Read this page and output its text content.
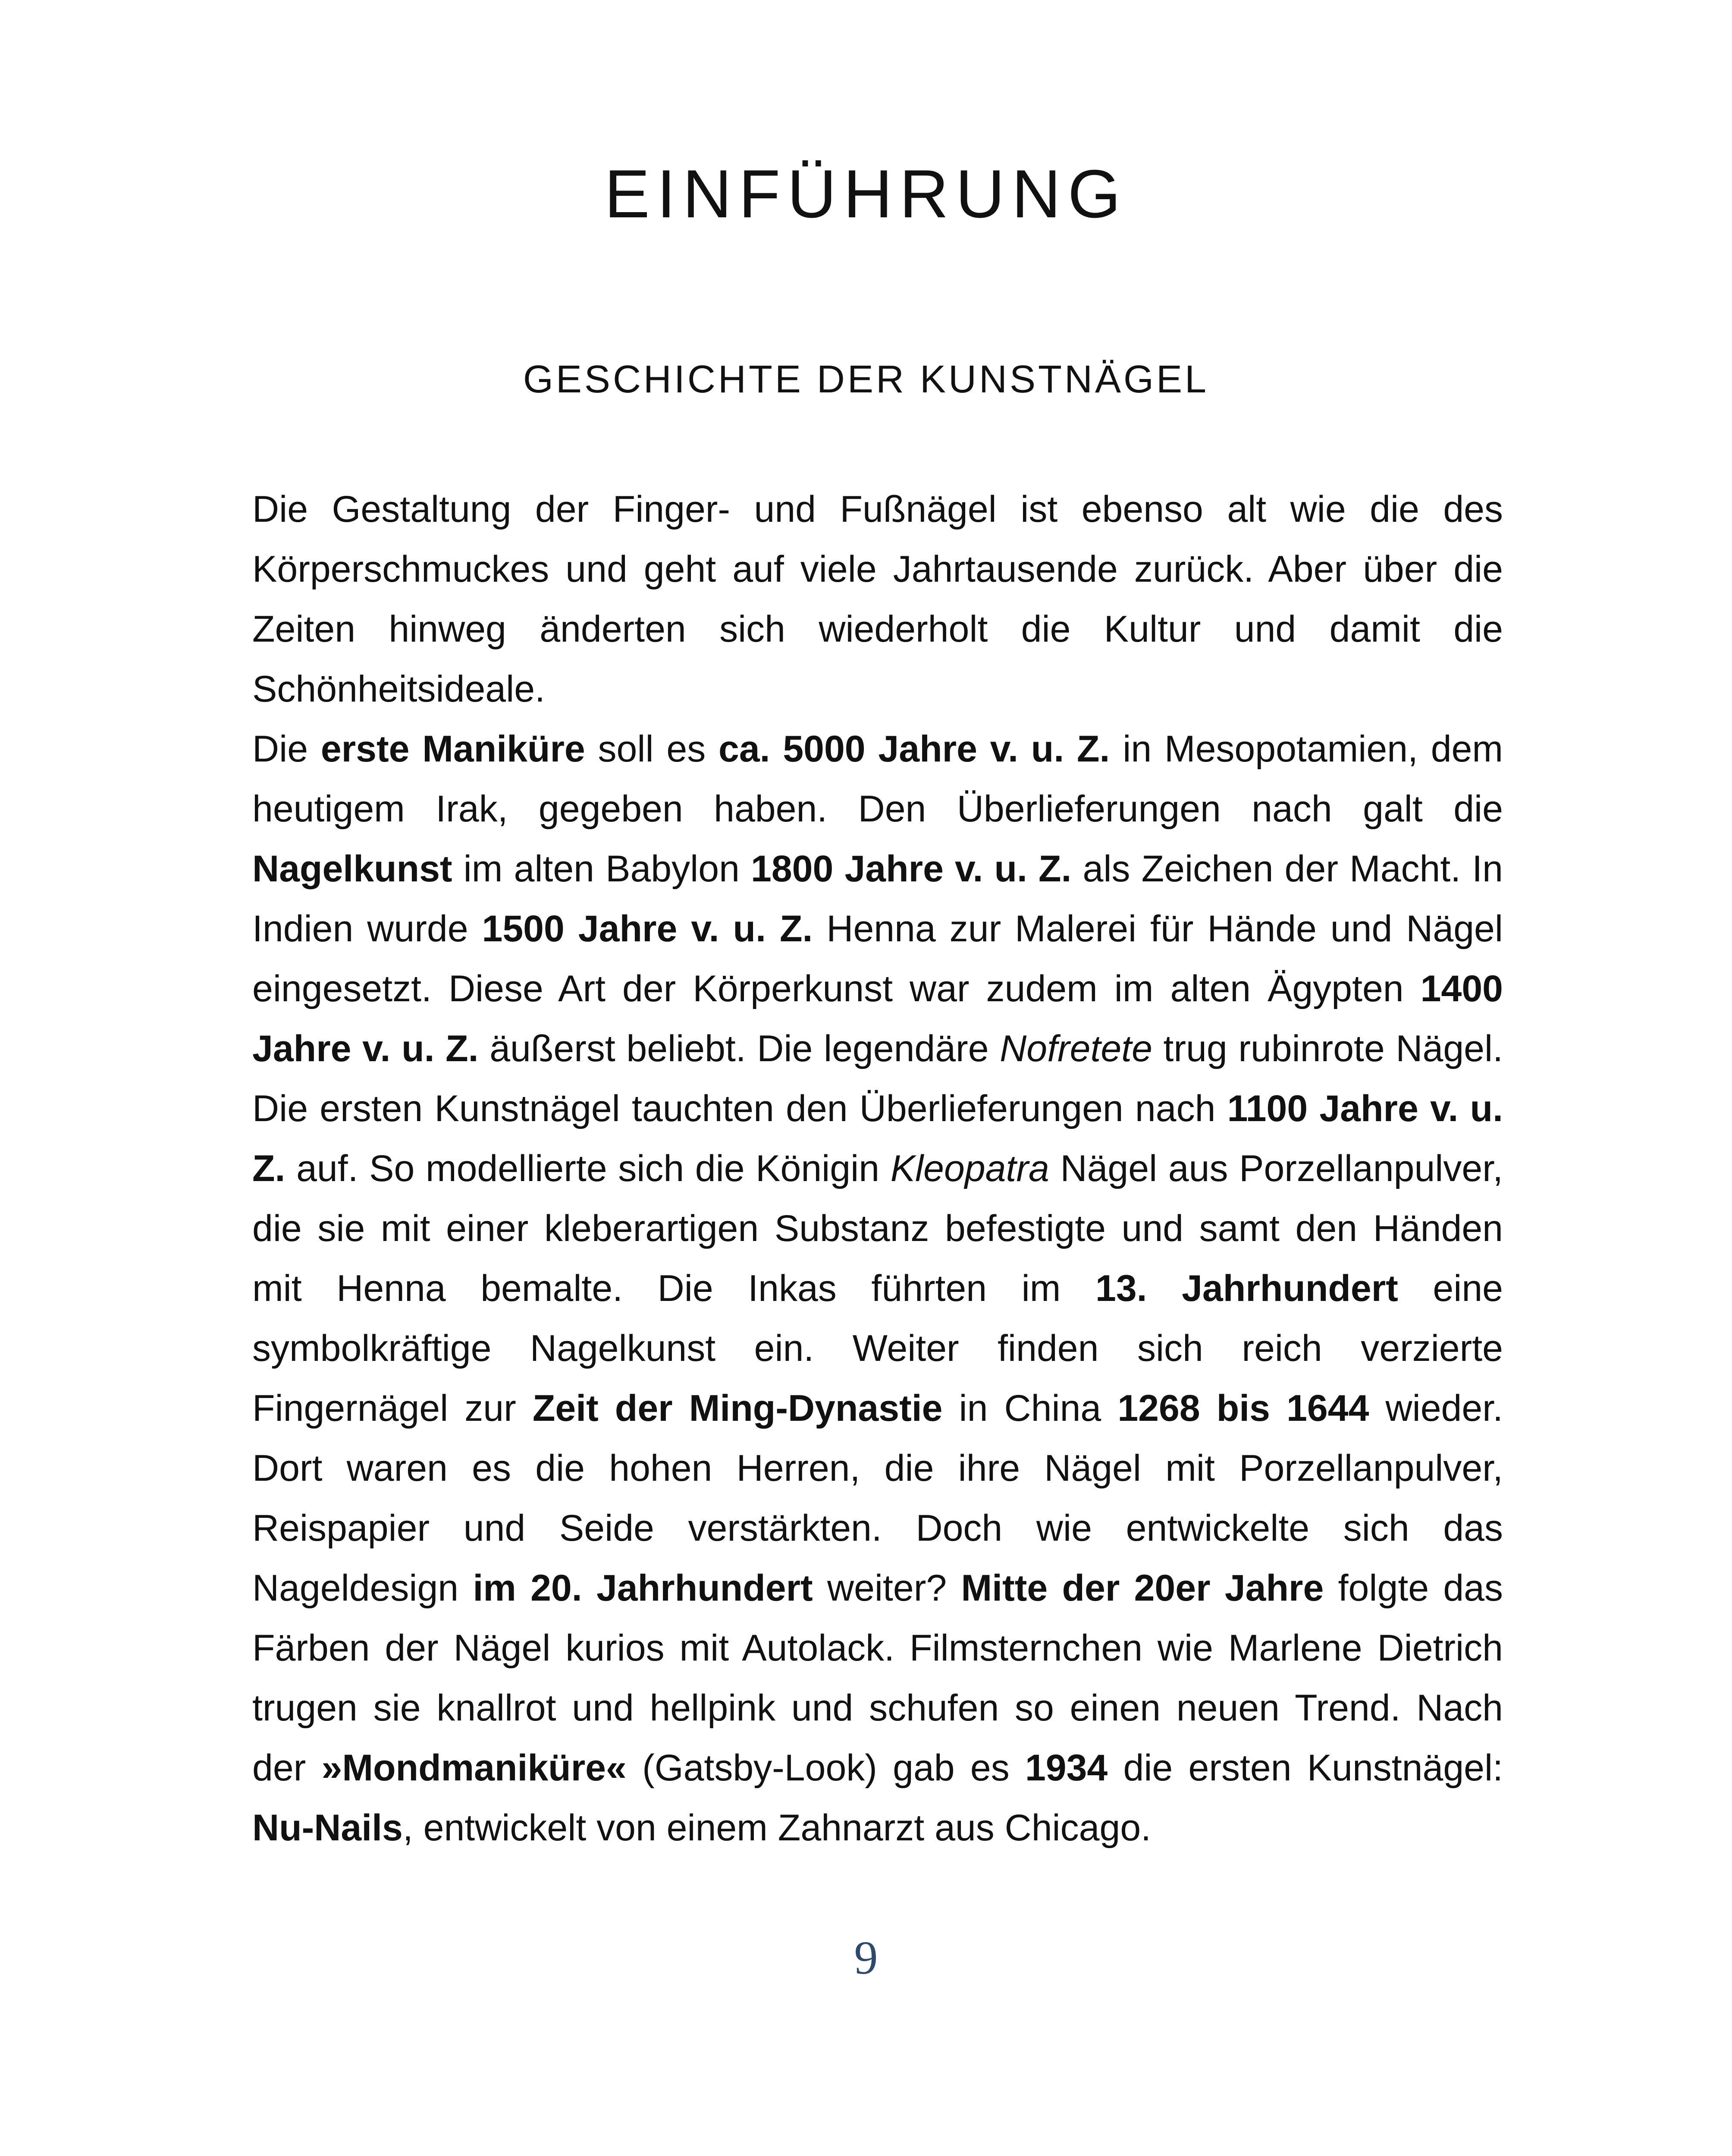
EINFÜHRUNG
GESCHICHTE DER KUNSTNÄGEL

Die Gestaltung der Finger- und Fußnägel ist ebenso alt wie die des Körperschmuckes und geht auf viele Jahrtausende zurück. Aber über die Zeiten hinweg änderten sich wiederholt die Kultur und damit die Schönheitsideale.

Die erste Maniküre soll es ca. 5000 Jahre v. u. Z. in Mesopotamien, dem heutigem Irak, gegeben haben. Den Überlieferungen nach galt die Nagelkunst im alten Babylon 1800 Jahre v. u. Z. als Zeichen der Macht. In Indien wurde 1500 Jahre v. u. Z. Henna zur Malerei für Hände und Nägel eingesetzt. Diese Art der Körperkunst war zudem im alten Ägypten 1400 Jahre v. u. Z. äußerst beliebt. Die legendäre Nofretete trug rubinrote Nägel. Die ersten Kunstnägel tauchten den Überlieferungen nach 1100 Jahre v. u. Z. auf. So modellierte sich die Königin Kleopatra Nägel aus Porzellanpulver, die sie mit einer kleberartigen Substanz befestigte und samt den Händen mit Henna bemalte. Die Inkas führten im 13. Jahrhundert eine symbolkräftige Nagelkunst ein. Weiter finden sich reich verzierte Fingernägel zur Zeit der Ming-Dynastie in China 1268 bis 1644 wieder. Dort waren es die hohen Herren, die ihre Nägel mit Porzellanpulver, Reispapier und Seide verstärkten. Doch wie entwickelte sich das Nageldesign im 20. Jahrhundert weiter? Mitte der 20er Jahre folgte das Färben der Nägel kurios mit Autolack. Filmsternchen wie Marlene Dietrich trugen sie knallrot und hellpink und schufen so einen neuen Trend. Nach der »Mondmaniküre« (Gatsby-Look) gab es 1934 die ersten Kunstnägel: Nu-Nails, entwickelt von einem Zahnarzt aus Chicago.

9
